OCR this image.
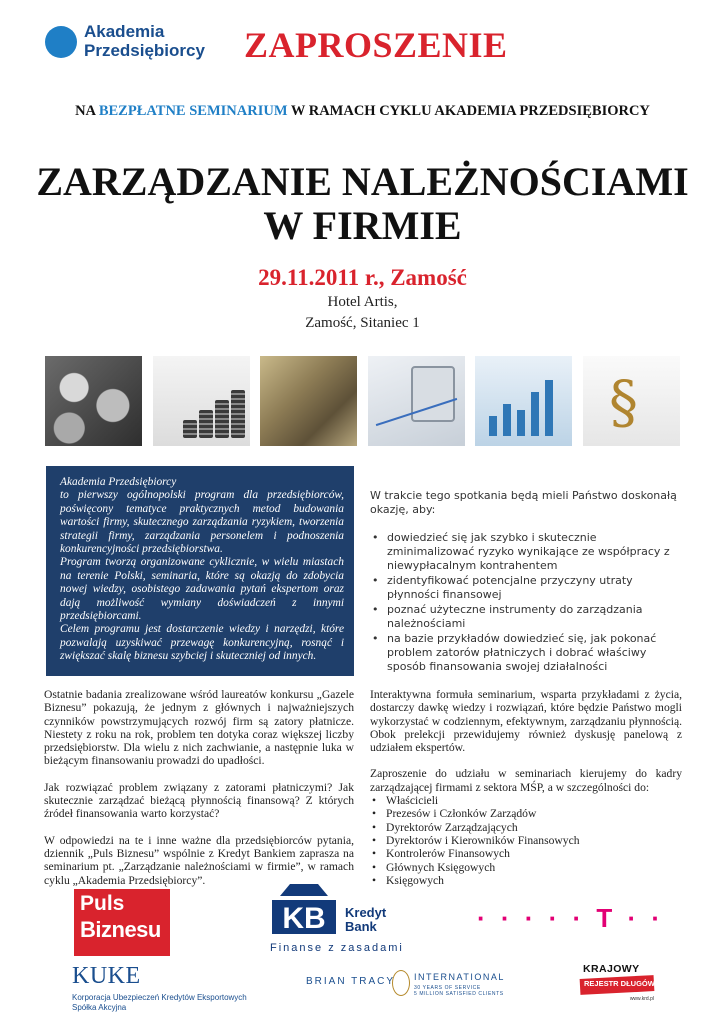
Akademia
Przedsiębiorcy ZAPROSZENIE
NA BEZPŁATNE SEMINARIUM W RAMACH CYKLU AKADEMIA PRZEDSIĘBIORCY
ZARZĄDZANIE NALEŻNOŚCIAMI
W FIRMIE
29.11.2011 r., Zamość
Hotel Artis,
Zamość, Sitaniec 1
§

Akademia Przedsiębiorcy

to pierwszy ogólnopolski program dla przedsiębiorców, poświęcony tematyce praktycznych metod budowania wartości firmy, skutecznego zarządzania ryzykiem, tworzenia strategii firmy, zarządzania personelem i podnoszenia konkurencyjności przedsiębiorstwa.

Program tworzą organizowane cyklicznie, w wielu miastach na terenie Polski, seminaria, które są okazją do zdobycia nowej wiedzy, osobistego zadawania pytań ekspertom oraz dają możliwość wymiany doświadczeń z innymi przedsiębiorcami.

Celem programu jest dostarczenie wiedzy i narzędzi, które pozwalają uzyskiwać przewagę konkurencyjną, rosnąć i zwiększać skalę biznesu szybciej i skuteczniej od innych.

W trakcie tego spotkania będą mieli Państwo doskonałą okazję, aby:

• dowiedzieć się jak szybko i skutecznie zminimalizować ryzyko wynikające ze współpracy z niewypłacalnym kontrahentem
• zidentyfikować potencjalne przyczyny utraty płynności finansowej
• poznać użyteczne instrumenty do zarządzania należnościami
• na bazie przykładów dowiedzieć się, jak pokonać problem zatorów płatniczych i dobrać właściwy sposób finansowania swojej działalności

Ostatnie badania zrealizowane wśród laureatów konkursu „Gazele Biznesu” pokazują, że jednym z głównych i najważniejszych czynników powstrzymujących rozwój firm są zatory płatnicze. Niestety z roku na rok, problem ten dotyka coraz większej liczby przedsiębiorstw. Dla wielu z nich zachwianie, a następnie luka w bieżącym finansowaniu prowadzi do upadłości.

Jak rozwiązać problem związany z zatorami płatniczymi? Jak skutecznie zarządzać bieżącą płynnością finansową? Z których źródeł finansowania warto korzystać?

W odpowiedzi na te i inne ważne dla przedsiębiorców pytania, dziennik „Puls Biznesu” wspólnie z Kredyt Bankiem zaprasza na seminarium pt. „Zarządzanie należnościami w firmie”, w ramach cyklu „Akademia Przedsiębiorcy”.

Interaktywna formuła seminarium, wsparta przykładami z życia, dostarczy dawkę wiedzy i rozwiązań, które będzie Państwo mogli wykorzystać w codziennym, efektywnym, zarządzaniu płynnością. Obok prelekcji przewidujemy również dyskusję panelową z udziałem ekspertów.

Zaproszenie do udziału w seminariach kierujemy do kadry zarządzającej firmami z sektora MŚP, a w szczególności do:

• Właścicieli
• Prezesów i Członków Zarządów
• Dyrektorów Zarządzających
• Dyrektorów i Kierowników Finansowych
• Kontrolerów Finansowych
• Głównych Księgowych
• Księgowych
Puls
Biznesu	KB Kredyt
Bank
Finanse z zasadami
· · · · · T · ·
KUKE
Korporacja Ubezpieczeń Kredytów Eksportowych
Spółka Akcyjna
BRIAN TRACY INTERNATIONAL
30 YEARS OF SERVICE
5 MILLION SATISFIED CLIENTS
KRAJOWY
REJESTR DŁUGÓW
www.krd.pl
